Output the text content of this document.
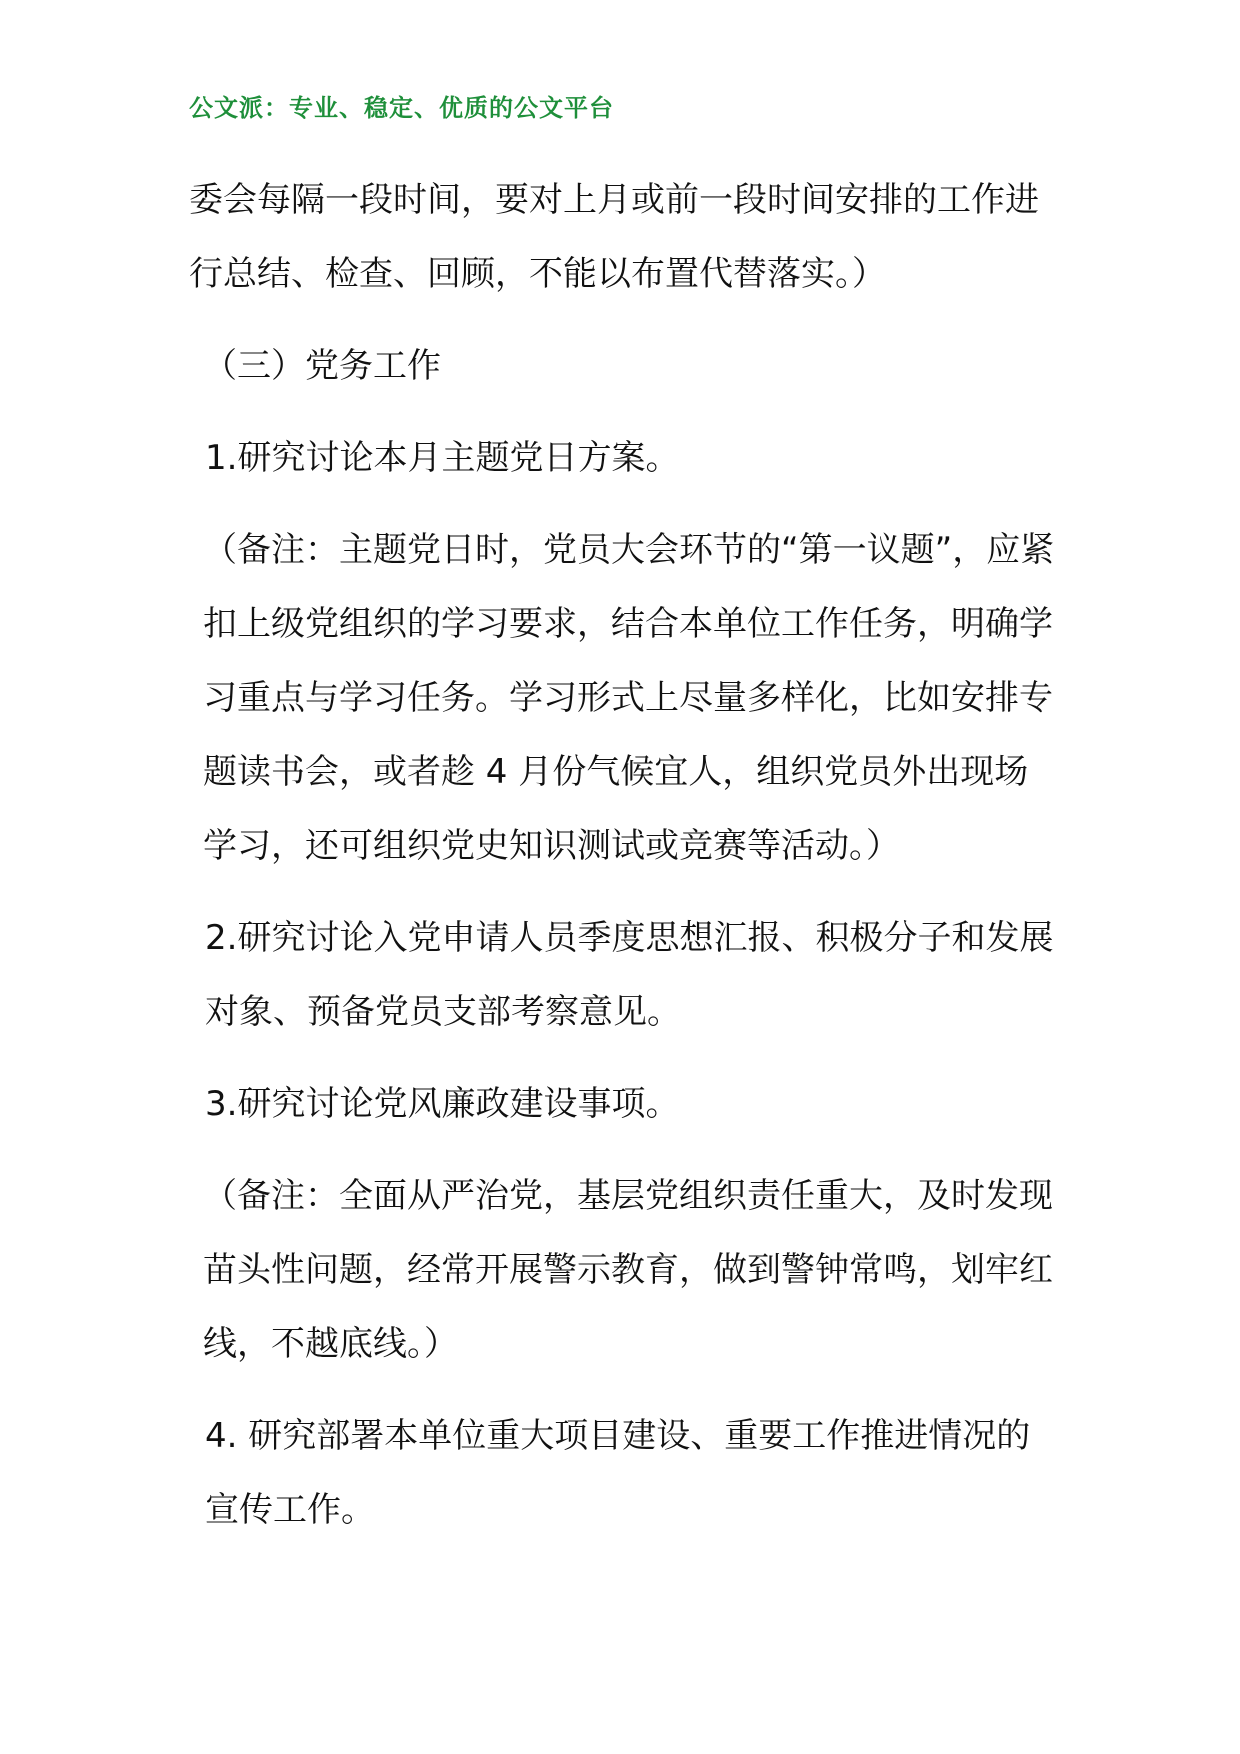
公文派：专业、稳定、优质的公文平台

委会每隔一段时间，要对上月或前一段时间安排的工作进行总结、检查、回顾，不能以布置代替落实。）

（三）党务工作

1.研究讨论本月主题党日方案。

（备注：主题党日时，党员大会环节的“第一议题”，应紧扣上级党组织的学习要求，结合本单位工作任务，明确学习重点与学习任务。学习形式上尽量多样化，比如安排专题读书会，或者趁 4 月份气候宜人，组织党员外出现场学习，还可组织党史知识测试或竞赛等活动。）

2.研究讨论入党申请人员季度思想汇报、积极分子和发展对象、预备党员支部考察意见。

3.研究讨论党风廉政建设事项。

（备注：全面从严治党，基层党组织责任重大，及时发现苗头性问题，经常开展警示教育，做到警钟常鸣，划牢红线，不越底线。）

4. 研究部署本单位重大项目建设、重要工作推进情况的宣传工作。
